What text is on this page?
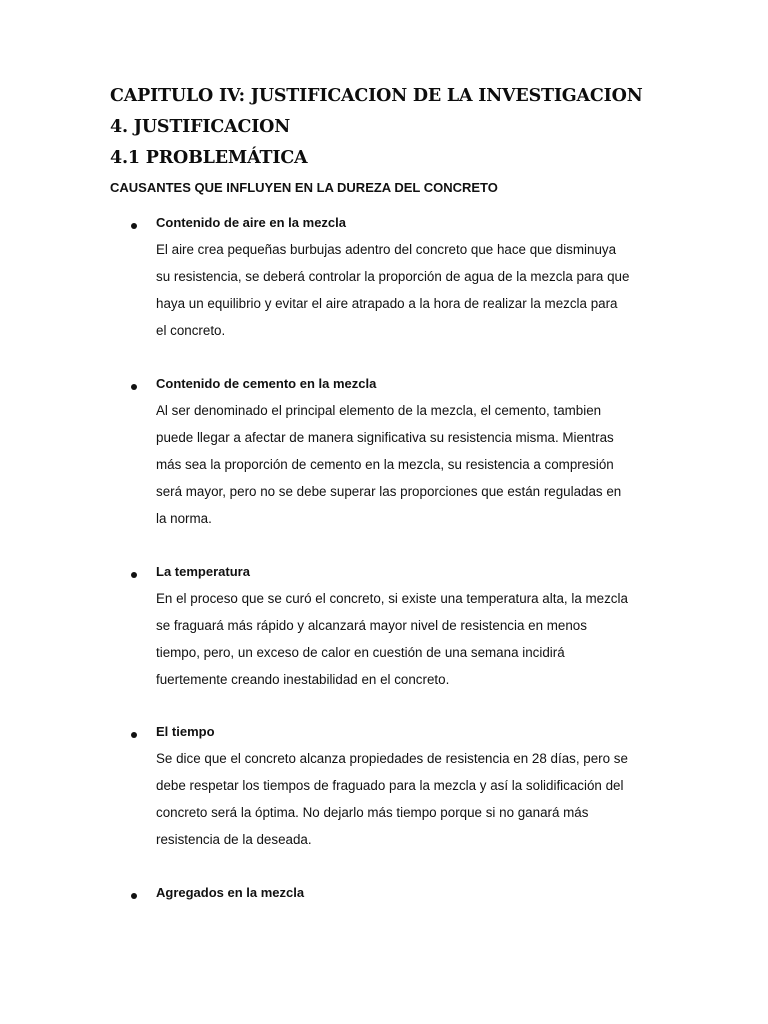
CAPITULO IV: JUSTIFICACION DE LA INVESTIGACION
4. JUSTIFICACION
4.1 PROBLEMÁTICA

CAUSANTES QUE INFLUYEN EN LA DUREZA DEL CONCRETO

Contenido de aire en la mezcla

El aire crea pequeñas burbujas adentro del concreto que hace que disminuya

su resistencia, se deberá controlar la proporción de agua de la mezcla para que

haya un equilibrio y evitar el aire atrapado a la hora de realizar la mezcla para

el concreto.

Contenido de cemento en la mezcla

Al ser denominado el principal elemento de la mezcla, el cemento, tambien

puede llegar a afectar de manera significativa su resistencia misma. Mientras

más sea la proporción de cemento en la mezcla, su resistencia a compresión

será mayor, pero no se debe superar las proporciones que están reguladas en

la norma.

La temperatura

En el proceso que se curó el concreto, si existe una temperatura alta, la mezcla

se fraguará más rápido y alcanzará mayor nivel de resistencia en menos

tiempo, pero, un exceso de calor en cuestión de una semana incidirá

fuertemente creando inestabilidad en el concreto.

El tiempo

Se dice que el concreto alcanza propiedades de resistencia en 28 días, pero se

debe respetar los tiempos de fraguado para la mezcla y así la solidificación del

concreto será la óptima. No dejarlo más tiempo porque si no ganará más

resistencia de la deseada.

Agregados en la mezcla
